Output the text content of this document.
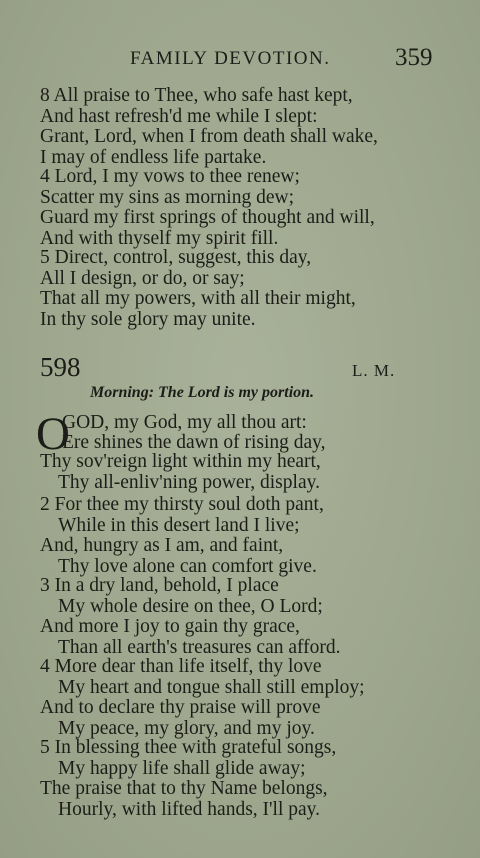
FAMILY DEVOTION.	359
8 All praise to Thee, who safe hast kept,
And hast refresh'd me while I slept:
Grant, Lord, when I from death shall wake,
I may of endless life partake.
4 Lord, I my vows to thee renew;
Scatter my sins as morning dew;
Guard my first springs of thought and will,
And with thyself my spirit fill.
5 Direct, control, suggest, this day,
All I design, or do, or say;
That all my powers, with all their might,
In thy sole glory may unite.
598	L. M.
Morning: The Lord is my portion.
O
GOD, my God, my all thou art:
Ere shines the dawn of rising day,
Thy sov'reign light within my heart,
Thy all-enliv'ning power, display.
2 For thee my thirsty soul doth pant,
While in this desert land I live;
And, hungry as I am, and faint,
Thy love alone can comfort give.
3 In a dry land, behold, I place
My whole desire on thee, O Lord;
And more I joy to gain thy grace,
Than all earth's treasures can afford.
4 More dear than life itself, thy love
My heart and tongue shall still employ;
And to declare thy praise will prove
My peace, my glory, and my joy.
5 In blessing thee with grateful songs,
My happy life shall glide away;
The praise that to thy Name belongs,
Hourly, with lifted hands, I'll pay.
